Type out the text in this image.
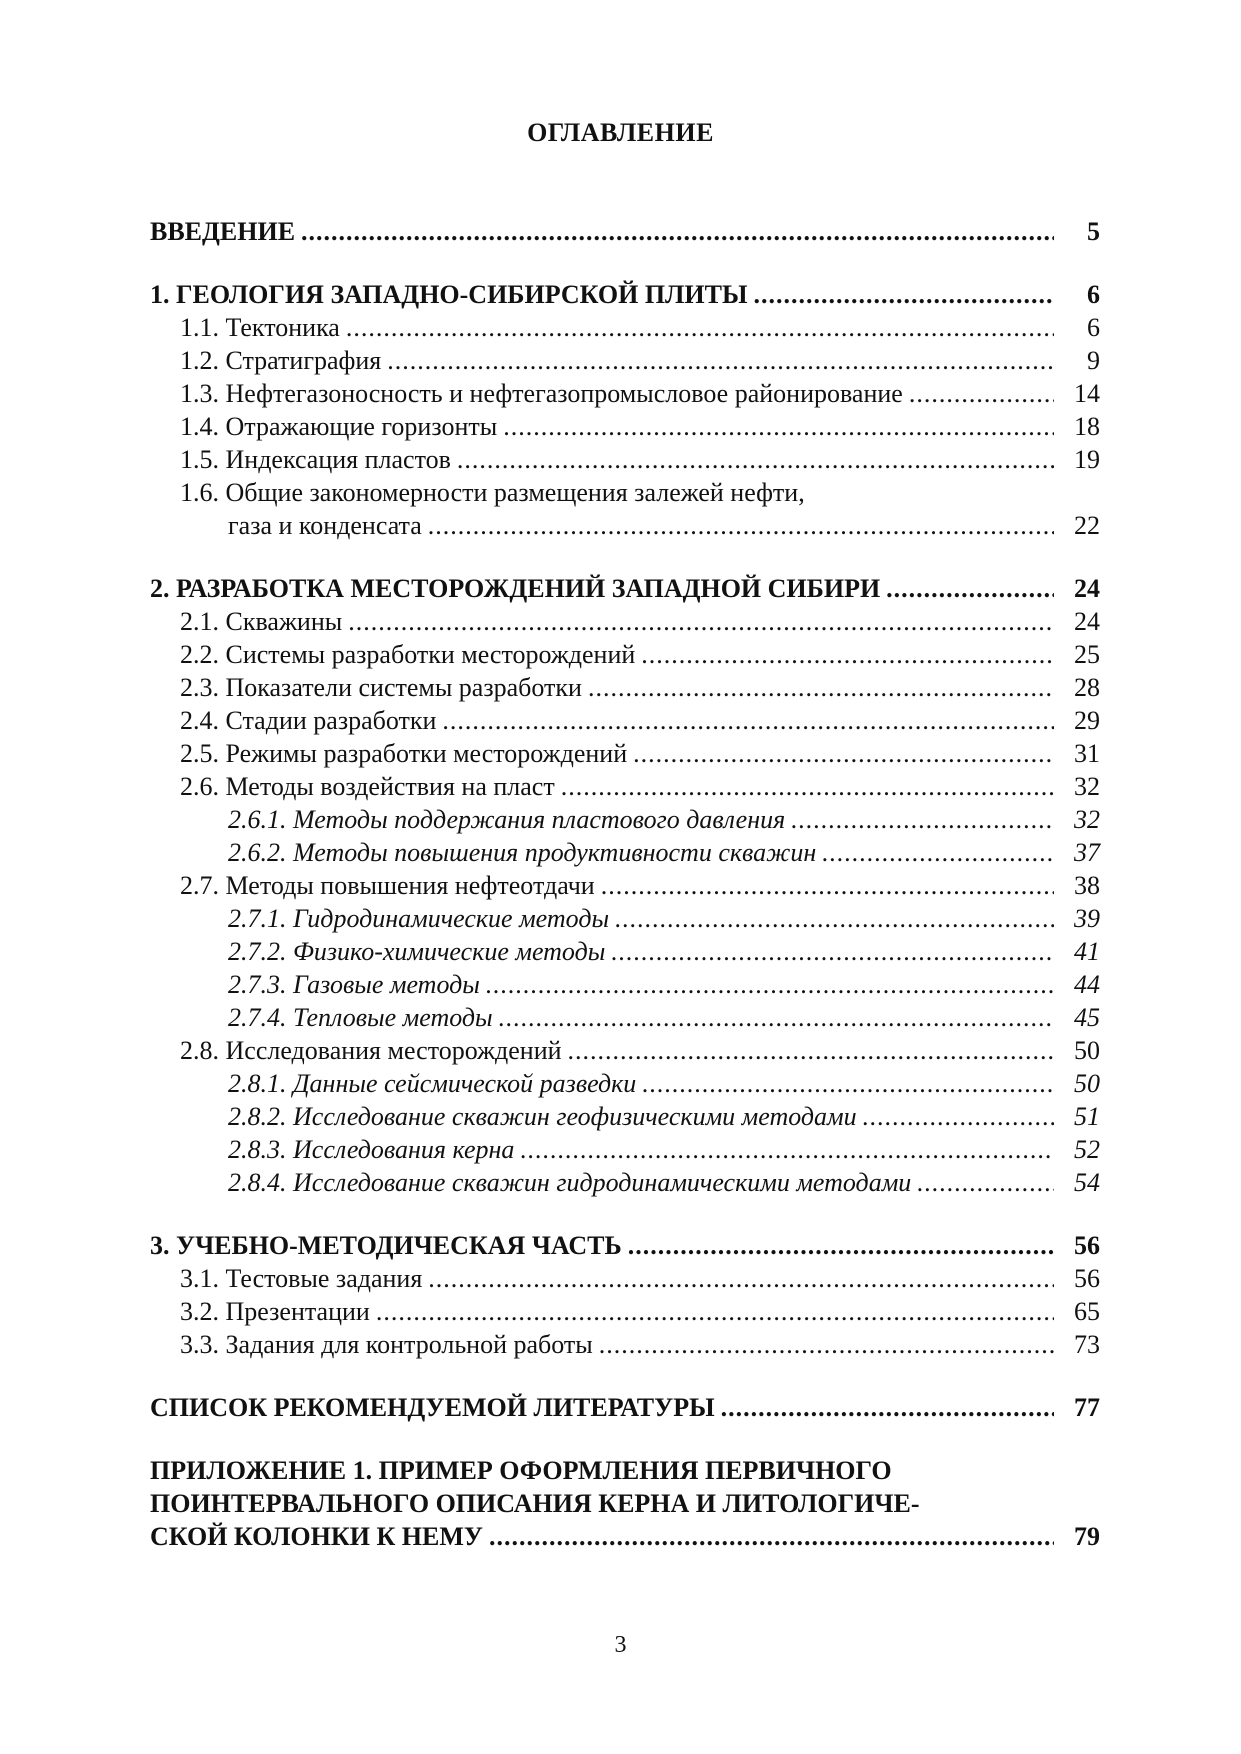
ОГЛАВЛЕНИЕ
ВВЕДЕНИЕ .....	5
1. ГЕОЛОГИЯ ЗАПАДНО-СИБИРСКОЙ ПЛИТЫ .....	6
1.1. Тектоника .....	6
1.2. Стратиграфия .....	9
1.3. Нефтегазоносность и нефтегазопромысловое районирование .....	14
1.4. Отражающие горизонты .....	18
1.5. Индексация пластов .....	19
1.6. Общие закономерности размещения залежей нефти,
газа и конденсата .....	22
2. РАЗРАБОТКА МЕСТОРОЖДЕНИЙ ЗАПАДНОЙ СИБИРИ .....	24
2.1. Скважины .....	24
2.2. Системы разработки месторождений .....	25
2.3. Показатели системы разработки .....	28
2.4. Стадии разработки .....	29
2.5. Режимы разработки месторождений .....	31
2.6. Методы воздействия на пласт .....	32
2.6.1. Методы поддержания пластового давления .....	32
2.6.2. Методы повышения продуктивности скважин .....	37
2.7. Методы повышения нефтеотдачи .....	38
2.7.1. Гидродинамические методы .....	39
2.7.2. Физико-химические методы .....	41
2.7.3. Газовые методы .....	44
2.7.4. Тепловые методы .....	45
2.8. Исследования месторождений .....	50
2.8.1. Данные сейсмической разведки .....	50
2.8.2. Исследование скважин геофизическими методами .....	51
2.8.3. Исследования керна .....	52
2.8.4. Исследование скважин гидродинамическими методами .....	54
3. УЧЕБНО-МЕТОДИЧЕСКАЯ ЧАСТЬ .....	56
3.1. Тестовые задания .....	56
3.2. Презентации .....	65
3.3. Задания для контрольной работы .....	73
СПИСОК РЕКОМЕНДУЕМОЙ ЛИТЕРАТУРЫ .....	77
ПРИЛОЖЕНИЕ 1. ПРИМЕР ОФОРМЛЕНИЯ ПЕРВИЧНОГО
ПОИНТЕРВАЛЬНОГО ОПИСАНИЯ КЕРНА И ЛИТОЛОГИЧЕ-
СКОЙ КОЛОНКИ К НЕМУ .....	79
3
